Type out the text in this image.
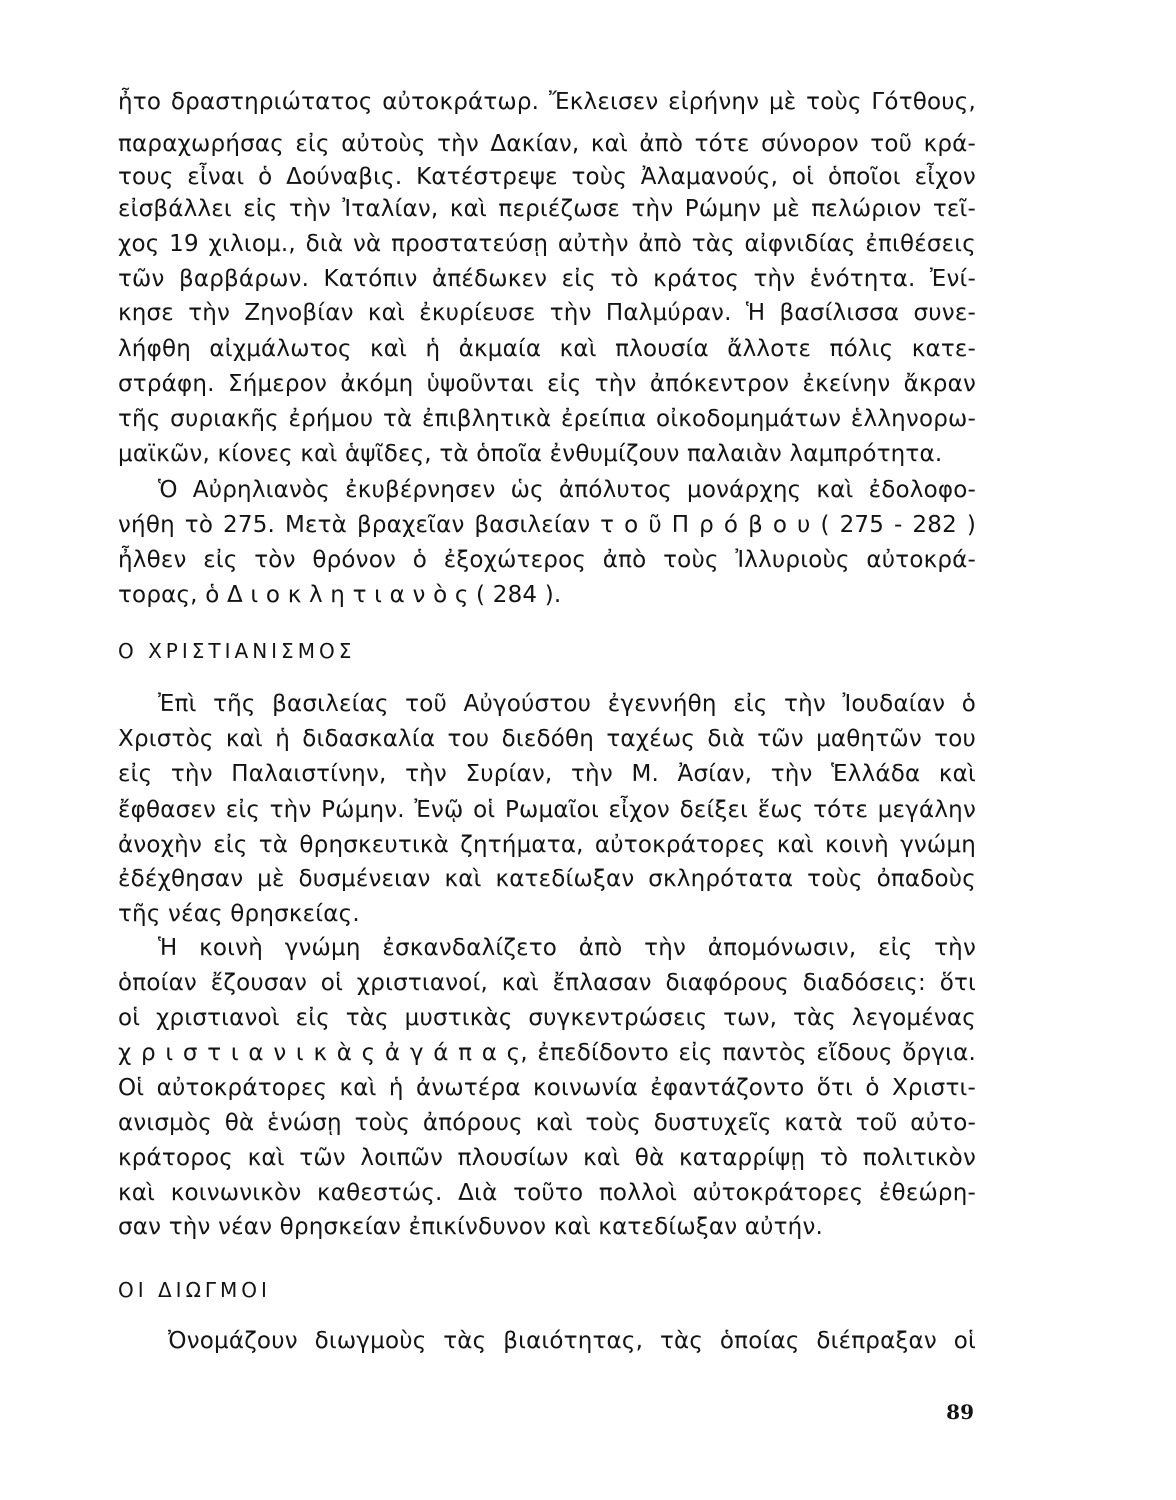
ἦτο δραστηριώτατος αὐτοκράτωρ. Ἔκλεισεν εἰρήνην μὲ τοὺς Γότθους,
παραχωρήσας εἰς αὐτοὺς τὴν Δακίαν, καὶ ἀπὸ τότε σύνορον τοῦ κρά-
τους εἶναι ὁ Δούναβις. Κατέστρεψε τοὺς Ἀλαμανούς, οἱ ὁποῖοι εἶχον
εἰσβάλλει εἰς τὴν Ἰταλίαν, καὶ περιέζωσε τὴν Ρώμην μὲ πελώριον τεῖ-
χος 19 χιλιομ., διὰ νὰ προστατεύσῃ αὐτὴν ἀπὸ τὰς αἰφνιδίας ἐπιθέσεις
τῶν βαρβάρων. Κατόπιν ἀπέδωκεν εἰς τὸ κράτος τὴν ἑνότητα. Ἐνί-
κησε τὴν Ζηνοβίαν καὶ ἐκυρίευσε τὴν Παλμύραν. Ἡ βασίλισσα συνε-
λήφθη αἰχμάλωτος καὶ ἡ ἀκμαία καὶ πλουσία ἄλλοτε πόλις κατε-
στράφη. Σήμερον ἀκόμη ὑψοῦνται εἰς τὴν ἀπόκεντρον ἐκείνην ἄκραν
τῆς συριακῆς ἐρήμου τὰ ἐπιβλητικὰ ἐρείπια οἰκοδομημάτων ἑλληνορω-
μαϊκῶν, κίονες καὶ ἁψῖδες, τὰ ὁποῖα ἐνθυμίζουν παλαιὰν λαμπρότητα.
Ὁ Αὐρηλιανὸς ἐκυβέρνησεν ὡς ἀπόλυτος μονάρχης καὶ ἐδολοφο-
νήθη τὸ 275. Μετὰ βραχεῖαν βασιλείαν τ ο ῦ Π ρ ό β ο υ ( 275 - 282 )
ἦλθεν εἰς τὸν θρόνον ὁ ἐξοχώτερος ἀπὸ τοὺς Ἰλλυριοὺς αὐτοκρά-
τορας, ὁ Δ ι ο κ λ η τ ι α ν ὸ ς ( 284 ).
Ο ΧΡΙΣΤΙΑΝΙΣΜΟΣ
Ἐπὶ τῆς βασιλείας τοῦ Αὐγούστου ἐγεννήθη εἰς τὴν Ἰουδαίαν ὁ
Χριστὸς καὶ ἡ διδασκαλία του διεδόθη ταχέως διὰ τῶν μαθητῶν του
εἰς τὴν Παλαιστίνην, τὴν Συρίαν, τὴν Μ. Ἀσίαν, τὴν Ἑλλάδα καὶ
ἔφθασεν εἰς τὴν Ρώμην. Ἐνῷ οἱ Ρωμαῖοι εἶχον δείξει ἕως τότε μεγάλην
ἀνοχὴν εἰς τὰ θρησκευτικὰ ζητήματα, αὐτοκράτορες καὶ κοινὴ γνώμη
ἐδέχθησαν μὲ δυσμένειαν καὶ κατεδίωξαν σκληρότατα τοὺς ὀπαδοὺς
τῆς νέας θρησκείας.
Ἡ κοινὴ γνώμη ἐσκανδαλίζετο ἀπὸ τὴν ἀπομόνωσιν, εἰς τὴν
ὁποίαν ἔζουσαν οἱ χριστιανοί, καὶ ἔπλασαν διαφόρους διαδόσεις: ὅτι
οἱ χριστιανοὶ εἰς τὰς μυστικὰς συγκεντρώσεις των, τὰς λεγομένας
χ ρ ι σ τ ι α ν ι κ ὰ ς ἀ γ ά π α ς, ἐπεδίδοντο εἰς παντὸς εἴδους ὄργια.
Οἱ αὐτοκράτορες καὶ ἡ ἀνωτέρα κοινωνία ἐφαντάζοντο ὅτι ὁ Χριστι-
ανισμὸς θὰ ἑνώσῃ τοὺς ἀπόρους καὶ τοὺς δυστυχεῖς κατὰ τοῦ αὐτο-
κράτορος καὶ τῶν λοιπῶν πλουσίων καὶ θὰ καταρρίψῃ τὸ πολιτικὸν
καὶ κοινωνικὸν καθεστώς. Διὰ τοῦτο πολλοὶ αὐτοκράτορες ἐθεώρη-
σαν τὴν νέαν θρησκείαν ἐπικίνδυνον καὶ κατεδίωξαν αὐτήν.
ΟΙ ΔΙΩΓΜΟΙ
Ὀνομάζουν διωγμοὺς τὰς βιαιότητας, τὰς ὁποίας διέπραξαν οἱ
89
